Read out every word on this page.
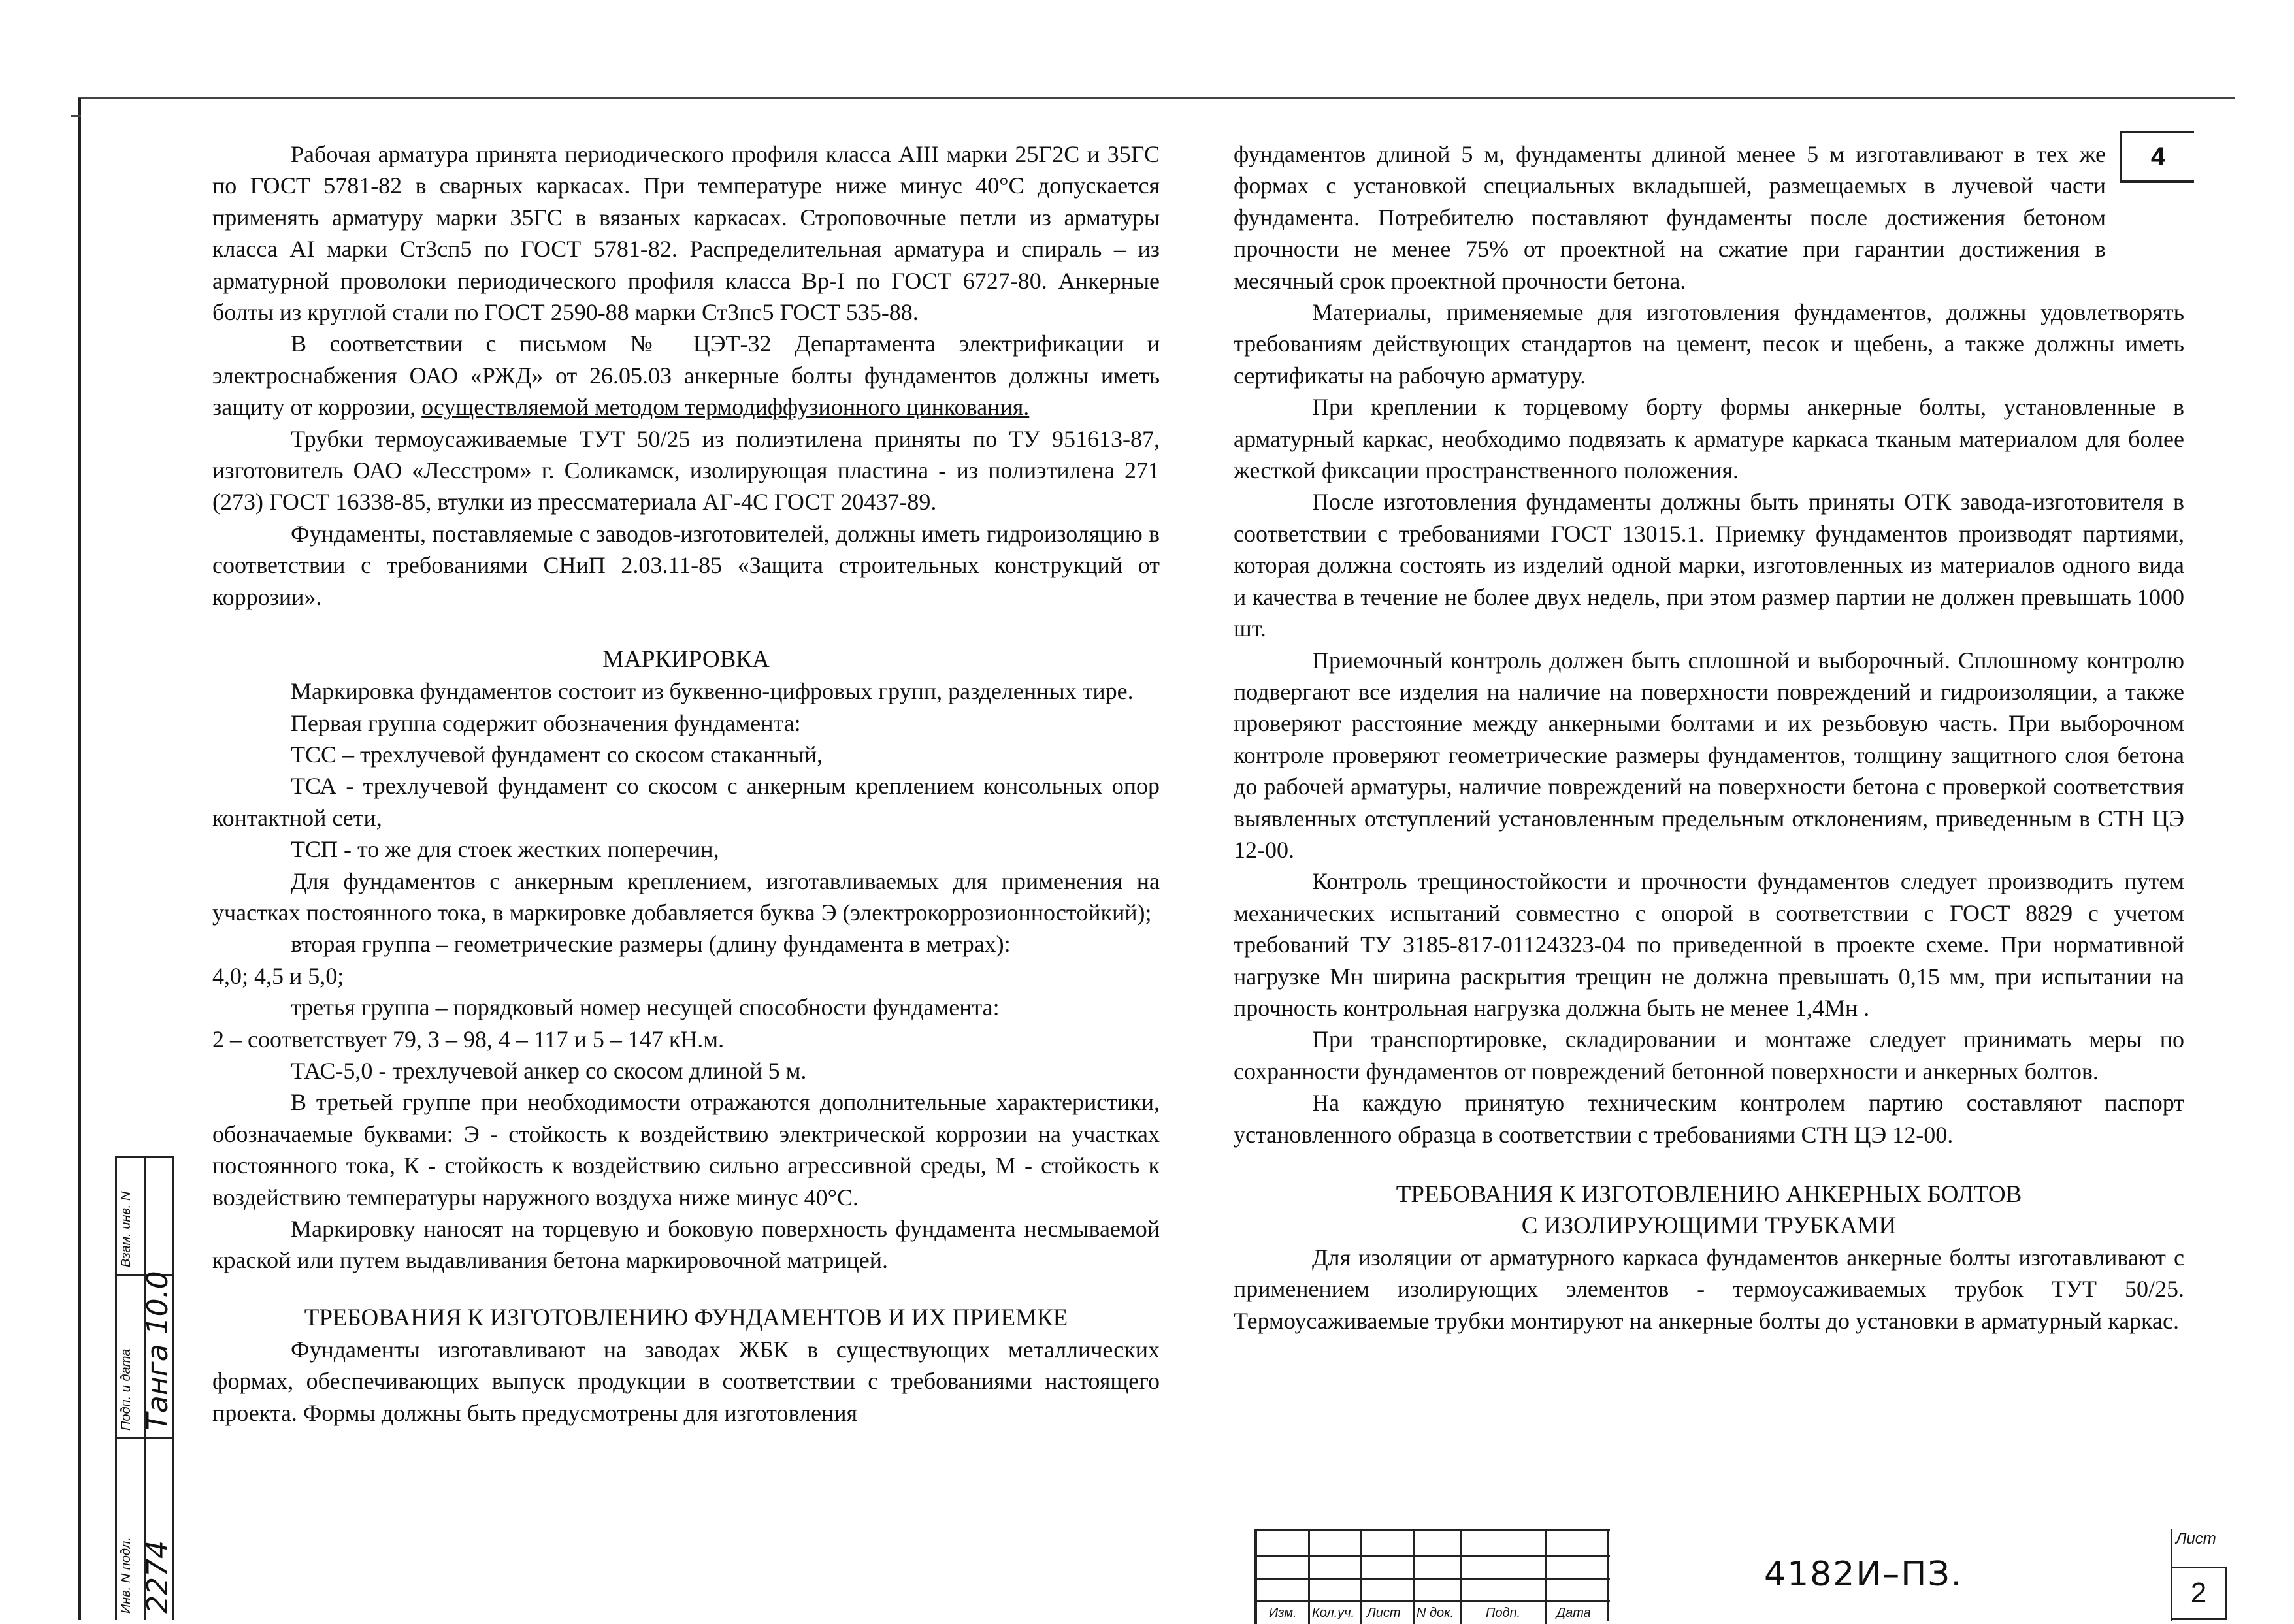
4

Рабочая арматура принята периодического профиля класса AIII марки 25Г2С и 35ГС по ГОСТ 5781-82 в сварных каркасах. При температуре ниже минус 40°С допускается применять арматуру марки 35ГС в вязаных каркасах. Строповочные петли из арматуры класса AI марки Ст3сп5 по ГОСТ 5781-82. Распределительная арматура и спираль – из арматурной проволоки периодического профиля класса Вр-I по ГОСТ 6727-80. Анкерные болты из круглой стали по ГОСТ 2590-88 марки Ст3пс5 ГОСТ 535-88.

В соответствии с письмом № ЦЭТ-32 Департамента электрификации и электроснабжения ОАО «РЖД» от 26.05.03 анкерные болты фундаментов должны иметь защиту от коррозии, осуществляемой методом термодиффузионного цинкования.

Трубки термоусаживаемые ТУТ 50/25 из полиэтилена приняты по ТУ 951613-87, изготовитель ОАО «Лесстром» г. Соликамск, изолирующая пластина - из полиэтилена 271 (273) ГОСТ 16338-85, втулки из прессматериала АГ-4С ГОСТ 20437-89.

Фундаменты, поставляемые с заводов-изготовителей, должны иметь гидроизоляцию в соответствии с требованиями СНиП 2.03.11-85 «Защита строительных конструкций от коррозии».

МАРКИРОВКА

Маркировка фундаментов состоит из буквенно-цифровых групп, разделенных тире.

Первая группа содержит обозначения фундамента:

ТСС – трехлучевой фундамент со скосом стаканный,

ТСА - трехлучевой фундамент со скосом с анкерным креплением консольных опор контактной сети,

ТСП - то же для стоек жестких поперечин,

Для фундаментов с анкерным креплением, изготавливаемых для применения на участках постоянного тока, в маркировке добавляется буква Э (электрокоррозионностойкий);

вторая группа – геометрические размеры (длину фундамента в метрах):

4,0; 4,5 и 5,0;

третья группа – порядковый номер несущей способности фундамента:

2 – соответствует 79, 3 – 98, 4 – 117 и 5 – 147 кН.м.

ТАС-5,0 - трехлучевой анкер со скосом длиной 5 м.

В третьей группе при необходимости отражаются дополнительные характеристики, обозначаемые буквами: Э - стойкость к воздействию электрической коррозии на участках постоянного тока, К - стойкость к воздействию сильно агрессивной среды, М - стойкость к воздействию температуры наружного воздуха ниже минус 40°С.

Маркировку наносят на торцевую и боковую поверхность фундамента несмываемой краской или путем выдавливания бетона маркировочной матрицей.

ТРЕБОВАНИЯ К ИЗГОТОВЛЕНИЮ ФУНДАМЕНТОВ И ИХ ПРИЕМКЕ

Фундаменты изготавливают на заводах ЖБК в существующих металлических формах, обеспечивающих выпуск продукции в соответствии с требованиями настоящего проекта. Формы должны быть предусмотрены для изготовления

фундаментов длиной 5 м, фундаменты длиной менее 5 м изготавливают в тех же формах с установкой специальных вкладышей, размещаемых в лучевой части фундамента. Потребителю поставляют фундаменты после достижения бетоном прочности не менее 75% от проектной на сжатие при гарантии достижения в месячный срок проектной прочности бетона.

Материалы, применяемые для изготовления фундаментов, должны удовлетворять требованиям действующих стандартов на цемент, песок и щебень, а также должны иметь сертификаты на рабочую арматуру.

При креплении к торцевому борту формы анкерные болты, установленные в арматурный каркас, необходимо подвязать к арматуре каркаса тканым материалом для более жесткой фиксации пространственного положения.

После изготовления фундаменты должны быть приняты ОТК завода-изготовителя в соответствии с требованиями ГОСТ 13015.1. Приемку фундаментов производят партиями, которая должна состоять из изделий одной марки, изготовленных из материалов одного вида и качества в течение не более двух недель, при этом размер партии не должен превышать 1000 шт.

Приемочный контроль должен быть сплошной и выборочный. Сплошному контролю подвергают все изделия на наличие на поверхности повреждений и гидроизоляции, а также проверяют расстояние между анкерными болтами и их резьбовую часть. При выборочном контроле проверяют геометрические размеры фундаментов, толщину защитного слоя бетона до рабочей арматуры, наличие повреждений на поверхности бетона с проверкой соответствия выявленных отступлений установленным предельным отклонениям, приведенным в СТН ЦЭ 12-00.

Контроль трещиностойкости и прочности фундаментов следует производить путем механических испытаний совместно с опорой в соответствии с ГОСТ 8829 с учетом требований ТУ 3185-817-01124323-04 по приведенной в проекте схеме. При нормативной нагрузке Мн ширина раскрытия трещин не должна превышать 0,15 мм, при испытании на прочность контрольная нагрузка должна быть не менее 1,4Мн .

При транспортировке, складировании и монтаже следует принимать меры по сохранности фундаментов от повреждений бетонной поверхности и анкерных болтов.

На каждую принятую техническим контролем партию составляют паспорт установленного образца в соответствии с требованиями СТН ЦЭ 12-00.

ТРЕБОВАНИЯ К ИЗГОТОВЛЕНИЮ АНКЕРНЫХ БОЛТОВ
С ИЗОЛИРУЮЩИМИ ТРУБКАМИ

Для изоляции от арматурного каркаса фундаментов анкерные болты изготавливают с применением изолирующих элементов - термоусаживаемых трубок ТУТ 50/25. Термоусаживаемые трубки монтируют на анкерные болты до установки в арматурный каркас.

Изм. Кол.уч. Лист N док. Подп.	Дата
4182И–ПЗ.
Лист
2
Взам. инв. N
Подп. и дата
Инв. N подл.
Танга 10.0
2274
